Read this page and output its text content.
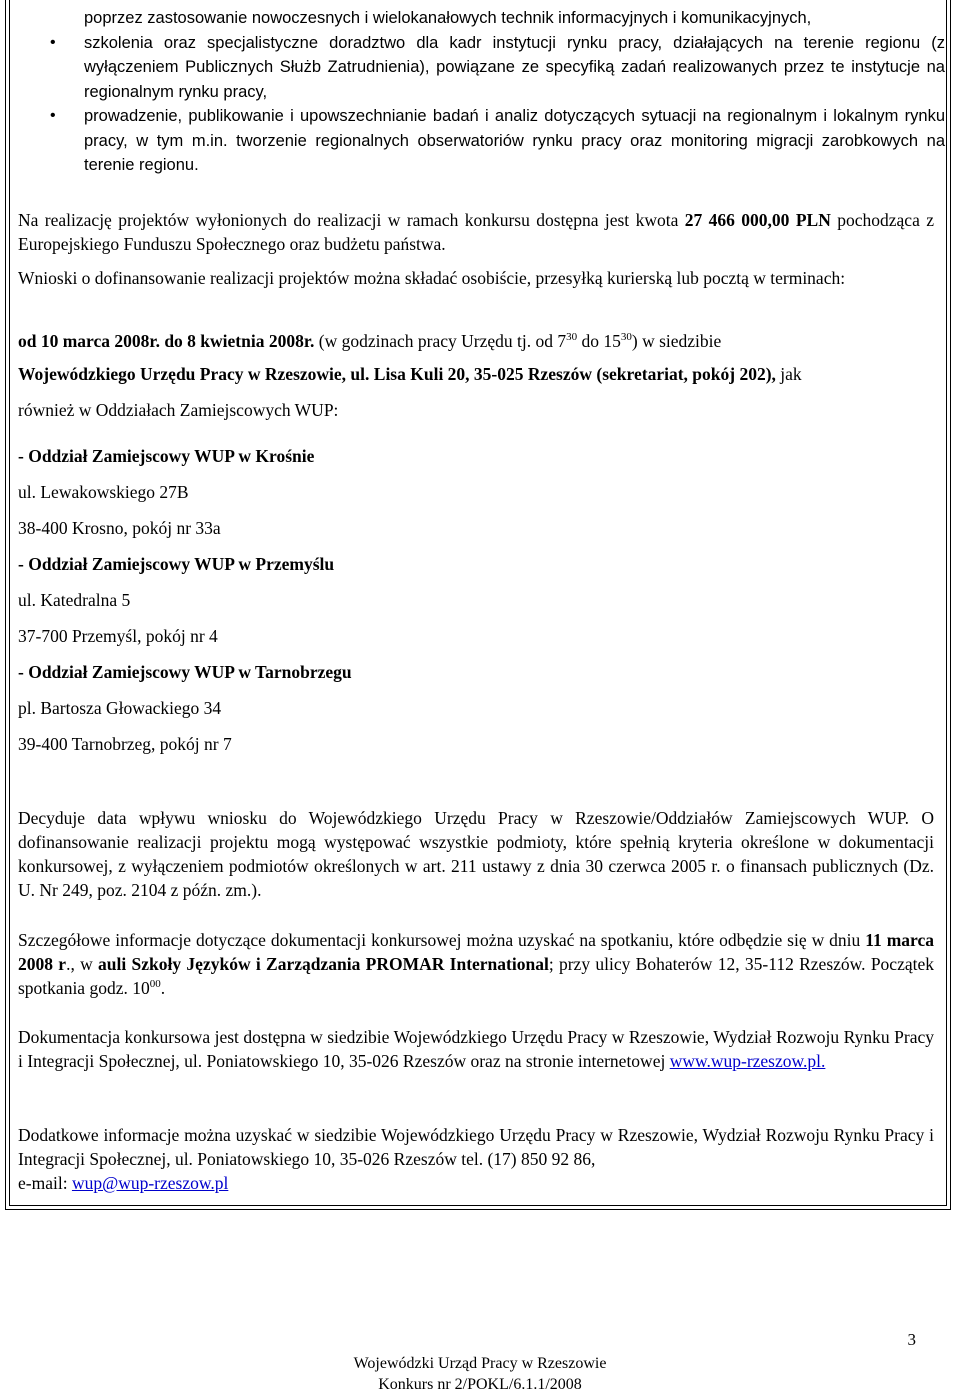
poprzez zastosowanie nowoczesnych i wielokanałowych technik informacyjnych i komunikacyjnych,
• szkolenia oraz specjalistyczne doradztwo dla kadr instytucji rynku pracy, działających na terenie regionu (z wyłączeniem Publicznych Służb Zatrudnienia), powiązane ze specyfiką zadań realizowanych przez te instytucje na regionalnym rynku pracy,
• prowadzenie, publikowanie i upowszechnianie badań i analiz dotyczących sytuacji na regionalnym i lokalnym rynku pracy, w tym m.in. tworzenie regionalnych obserwatoriów rynku pracy oraz monitoring migracji zarobkowych na terenie regionu.
Na realizację projektów wyłonionych do realizacji w ramach konkursu dostępna jest kwota 27 466 000,00 PLN pochodząca z Europejskiego Funduszu Społecznego oraz budżetu państwa.
Wnioski o dofinansowanie realizacji projektów można składać osobiście, przesyłką kurierską lub pocztą w terminach:
od 10 marca 2008r. do 8 kwietnia 2008r. (w godzinach pracy Urzędu tj. od $7^{30}$ do $15^{30}$) w siedzibie
Wojewódzkiego Urzędu Pracy w Rzeszowie, ul. Lisa Kuli 20, 35-025 Rzeszów (sekretariat, pokój 202), jak
również w Oddziałach Zamiejscowych WUP:
- Oddział Zamiejscowy WUP w Krośnie
ul. Lewakowskiego 27B
38-400 Krosno, pokój nr 33a
- Oddział Zamiejscowy WUP w Przemyślu
ul. Katedralna 5
37-700 Przemyśl, pokój nr 4
- Oddział Zamiejscowy WUP w Tarnobrzegu
pl. Bartosza Głowackiego 34
39-400 Tarnobrzeg, pokój nr 7
Decyduje data wpływu wniosku do Wojewódzkiego Urzędu Pracy w Rzeszowie/Oddziałów Zamiejscowych WUP. O dofinansowanie realizacji projektu mogą występować wszystkie podmioty, które spełnią kryteria określone w dokumentacji konkursowej, z wyłączeniem podmiotów określonych w art. 211 ustawy z dnia 30 czerwca 2005 r. o finansach publicznych (Dz. U. Nr 249, poz. 2104 z późn. zm.).
Szczegółowe informacje dotyczące dokumentacji konkursowej można uzyskać na spotkaniu, które odbędzie się w dniu 11 marca 2008 r., w auli Szkoły Języków i Zarządzania PROMAR International; przy ulicy Bohaterów 12, 35-112 Rzeszów. Początek spotkania godz. $10^{00}$.
Dokumentacja konkursowa jest dostępna w siedzibie Wojewódzkiego Urzędu Pracy w Rzeszowie, Wydział Rozwoju Rynku Pracy i Integracji Społecznej, ul. Poniatowskiego 10, 35-026 Rzeszów oraz na stronie internetowej www.wup-rzeszow.pl.
Dodatkowe informacje można uzyskać w siedzibie Wojewódzkiego Urzędu Pracy w Rzeszowie, Wydział Rozwoju Rynku Pracy i Integracji Społecznej, ul. Poniatowskiego 10, 35-026 Rzeszów tel. (17) 850 92 86,
e-mail: wup@wup-rzeszow.pl
3
Wojewódzki Urząd Pracy w Rzeszowie
Konkurs nr 2/POKL/6.1.1/2008
